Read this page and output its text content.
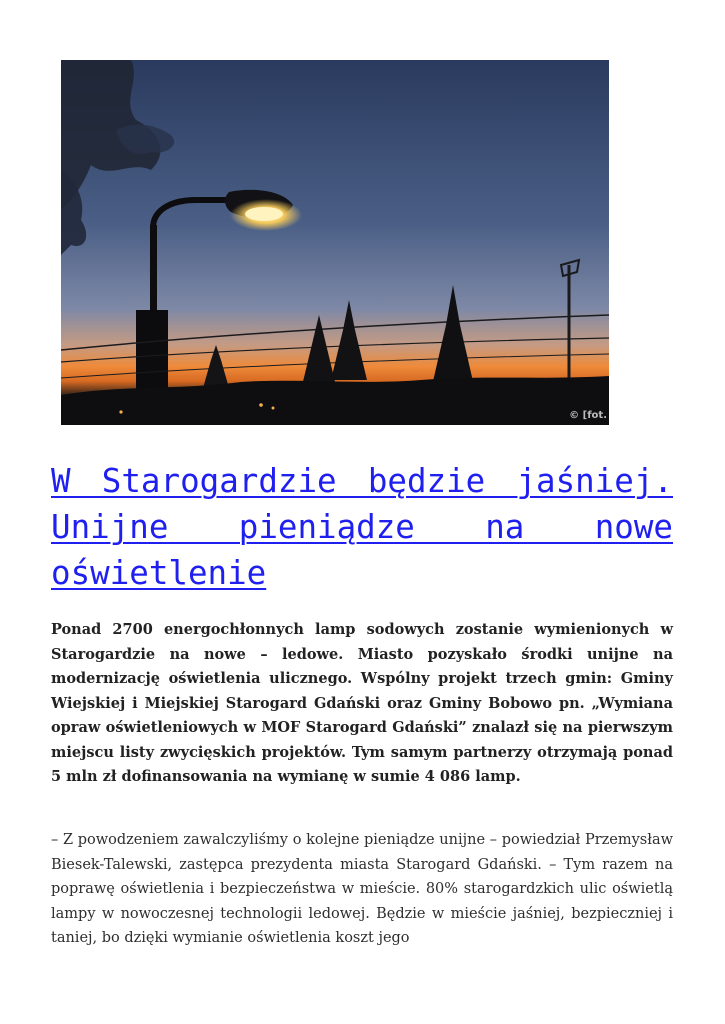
© [fot.
W Starogardzie będzie jaśniej. Unijne pieniądze na nowe oświetlenie

Ponad 2700 energochłonnych lamp sodowych zostanie wymienionych w Starogardzie na nowe – ledowe. Miasto pozyskało środki unijne na modernizację oświetlenia ulicznego. Wspólny projekt trzech gmin: Gminy Wiejskiej i Miejskiej Starogard Gdański oraz Gminy Bobowo pn. „Wymiana opraw oświetleniowych w MOF Starogard Gdański” znalazł się na pierwszym miejscu listy zwycięskich projektów. Tym samym partnerzy otrzymają ponad 5 mln zł dofinansowania na wymianę w sumie 4 086 lamp.

– Z powodzeniem zawalczyliśmy o kolejne pieniądze unijne – powiedział Przemysław Biesek-Talewski, zastępca prezydenta miasta Starogard Gdański. – Tym razem na poprawę oświetlenia i bezpieczeństwa w mieście. 80% starogardzkich ulic oświetlą lampy w nowoczesnej technologii ledowej. Będzie w mieście jaśniej, bezpieczniej i taniej, bo dzięki wymianie oświetlenia koszt jego
